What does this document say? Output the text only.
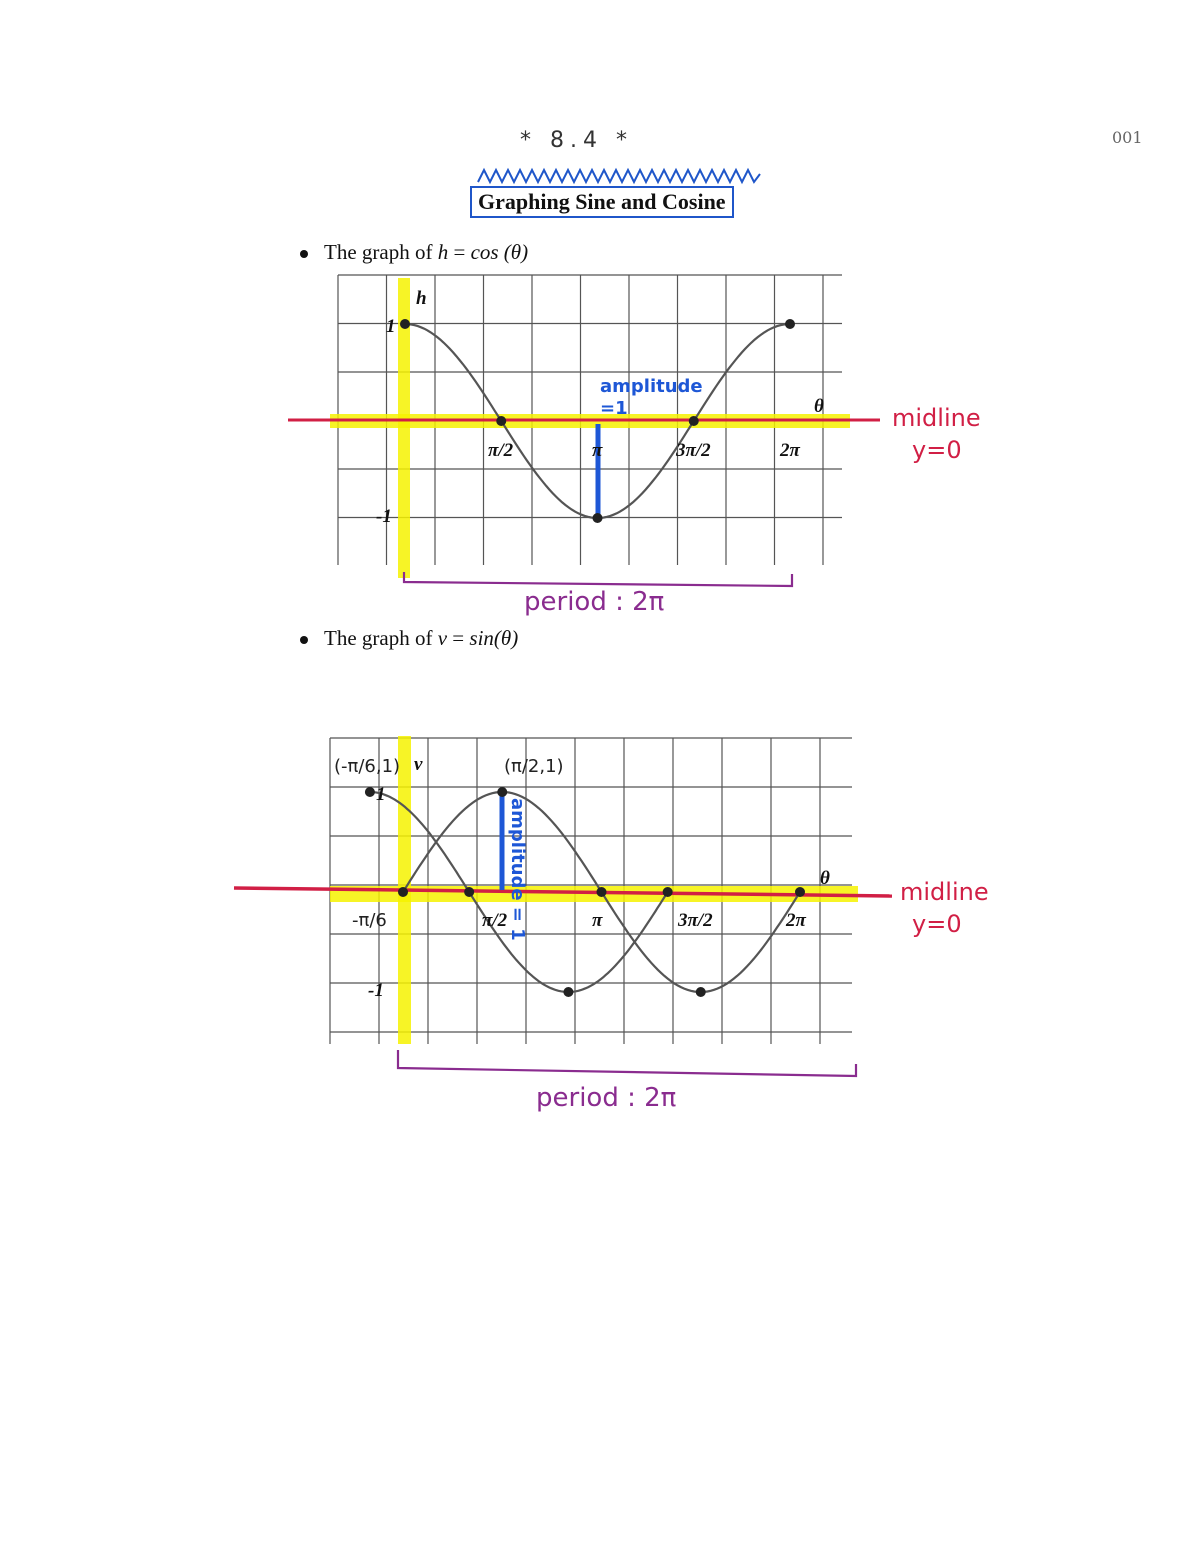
* 8.4 *	001
Graphing Sine and Cosine
The graph of h = cos (θ)
The graph of v = sin(θ)
h
1
-1
π/2	π	3π/2	2π
θ
amplitude
=1	midline
y=0
period : 2π
v
1
-1
π/2	π	3π/2	2π
θ
-π/6
(-π/6,1)	(π/2,1)
amplitude = 1	midline
y=0
period : 2π
